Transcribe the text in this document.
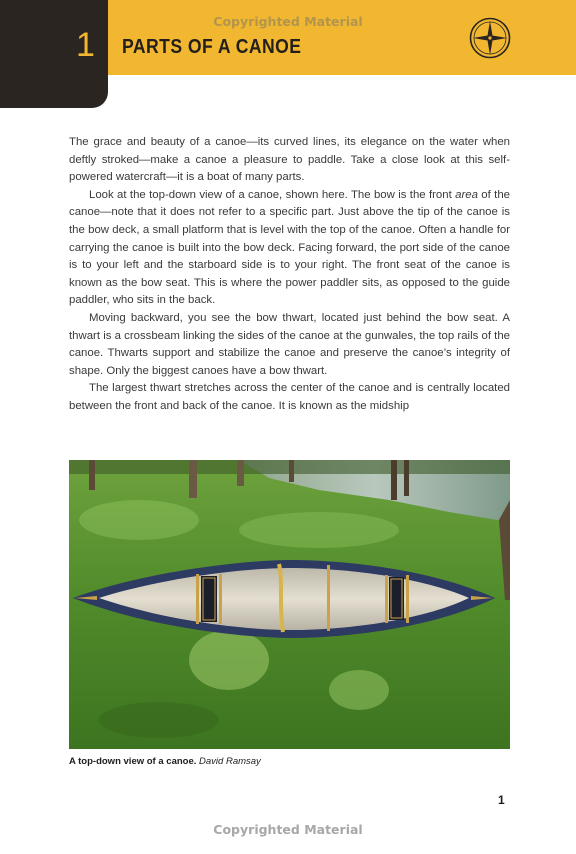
1	PARTS OF A CANOE
Copyrighted Material

The grace and beauty of a canoe—its curved lines, its elegance on the water when deftly stroked—make a canoe a pleasure to paddle. Take a close look at this self-powered watercraft—it is a boat of many parts.

Look at the top-down view of a canoe, shown here. The bow is the front area of the canoe—note that it does not refer to a specific part. Just above the tip of the canoe is the bow deck, a small platform that is level with the top of the canoe. Often a handle for carrying the canoe is built into the bow deck. Facing forward, the port side of the canoe is to your left and the starboard side is to your right. The front seat of the canoe is known as the bow seat. This is where the power paddler sits, as opposed to the guide paddler, who sits in the back.

Moving backward, you see the bow thwart, located just behind the bow seat. A thwart is a crossbeam linking the sides of the canoe at the gunwales, the top rails of the canoe. Thwarts support and stabilize the canoe and preserve the canoe’s integrity of shape. Only the biggest canoes have a bow thwart.

The largest thwart stretches across the center of the canoe and is centrally located between the front and back of the canoe. It is known as the midship

A top-down view of a canoe. David Ramsay
1
Copyrighted Material
